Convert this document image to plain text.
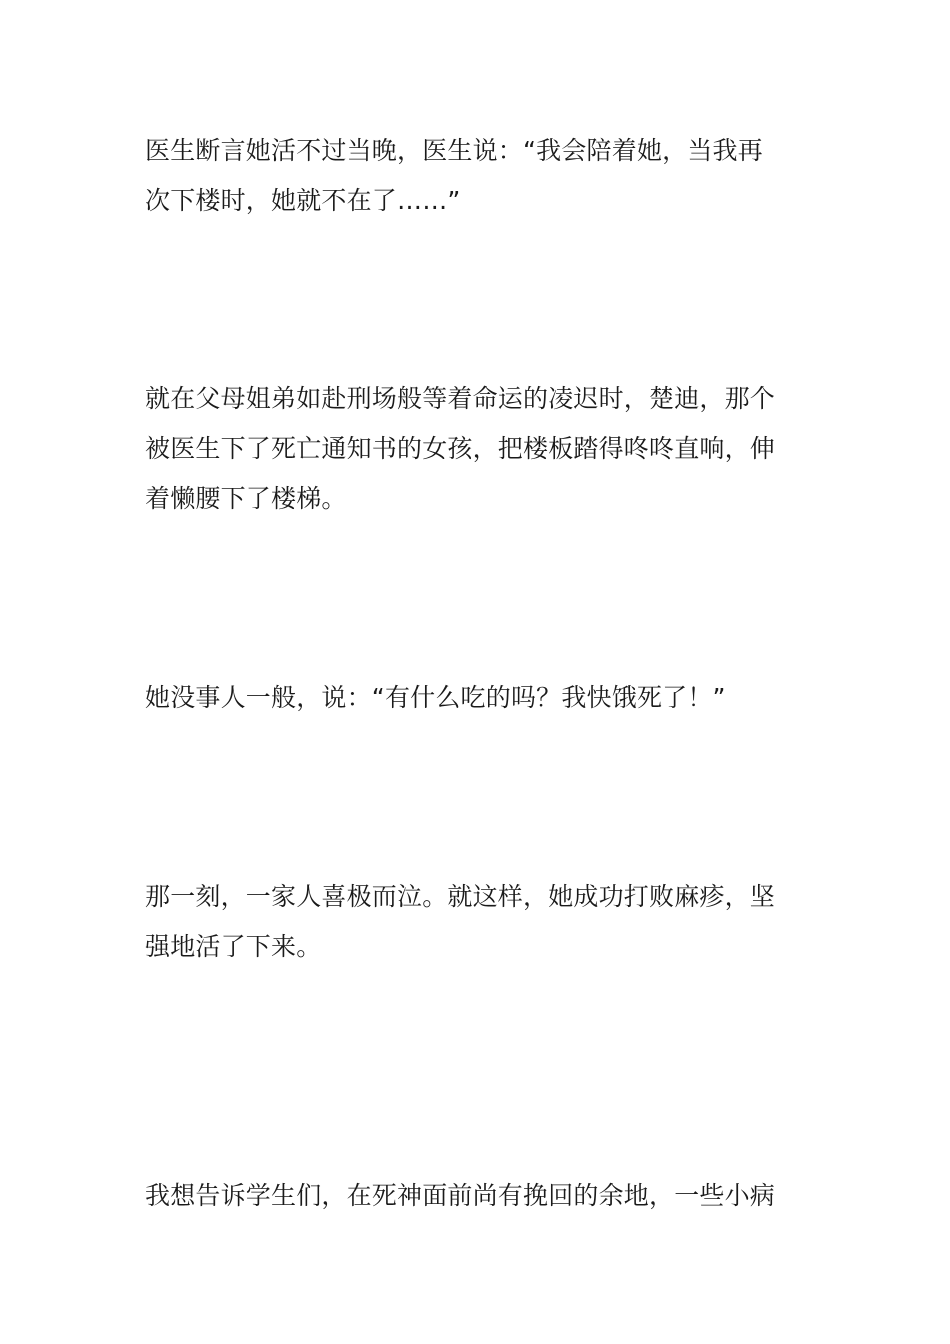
医生断言她活不过当晚，医生说：“我会陪着她，当我再
次下楼时，她就不在了……”

就在父母姐弟如赴刑场般等着命运的凌迟时，楚迪，那个
被医生下了死亡通知书的女孩，把楼板踏得咚咚直响，伸
着懒腰下了楼梯。

她没事人一般，说：“有什么吃的吗？我快饿死了！”

那一刻，一家人喜极而泣。就这样，她成功打败麻疹，坚
强地活了下来。

我想告诉学生们，在死神面前尚有挽回的余地，一些小病
